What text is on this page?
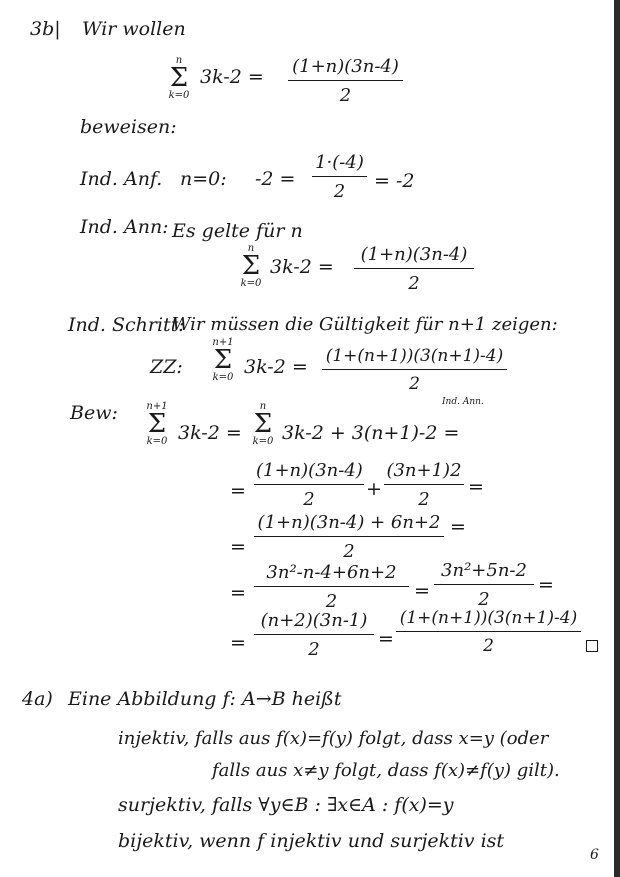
3b| Wir wollen
n
Σ
k=0
3k-2 = (1+n)(3n-4)
2
beweisen:
Ind. Anf. n=0: -2 =
1·(-4)
2	= -2
Ind. Ann: Es gelte für n
n
Σ
k=0
3k-2 =
(1+n)(3n-4)
2
Ind. Schritt:
Wir müssen die Gültigkeit für n+1 zeigen:
ZZ:
n+1
Σ
k=0 3k-2 = (1+(n+1))(3(n+1)-4)
2
Bew:	n+1
Σ
k=0 3k-2 =
n
Σ
k=0 3k-2 + 3(n+1)-2 =
Ind. Ann.
=
(1+n)(3n-4)
2	+
(3n+1)2
2
=
=
(1+n)(3n-4) + 6n+2
2
=
=
3n²-n-4+6n+2
2	=
3n²+5n-2
2
=
=
(n+2)(3n-1)
2	=
(1+(n+1))(3(n+1)-4)
2
4a) Eine Abbildung f: A→B heißt
injektiv, falls aus f(x)=f(y) folgt, dass x=y (oder
falls aus x≠y folgt, dass f(x)≠f(y) gilt).
surjektiv, falls ∀y∈B : ∃x∈A : f(x)=y
bijektiv, wenn f injektiv und surjektiv ist
6
